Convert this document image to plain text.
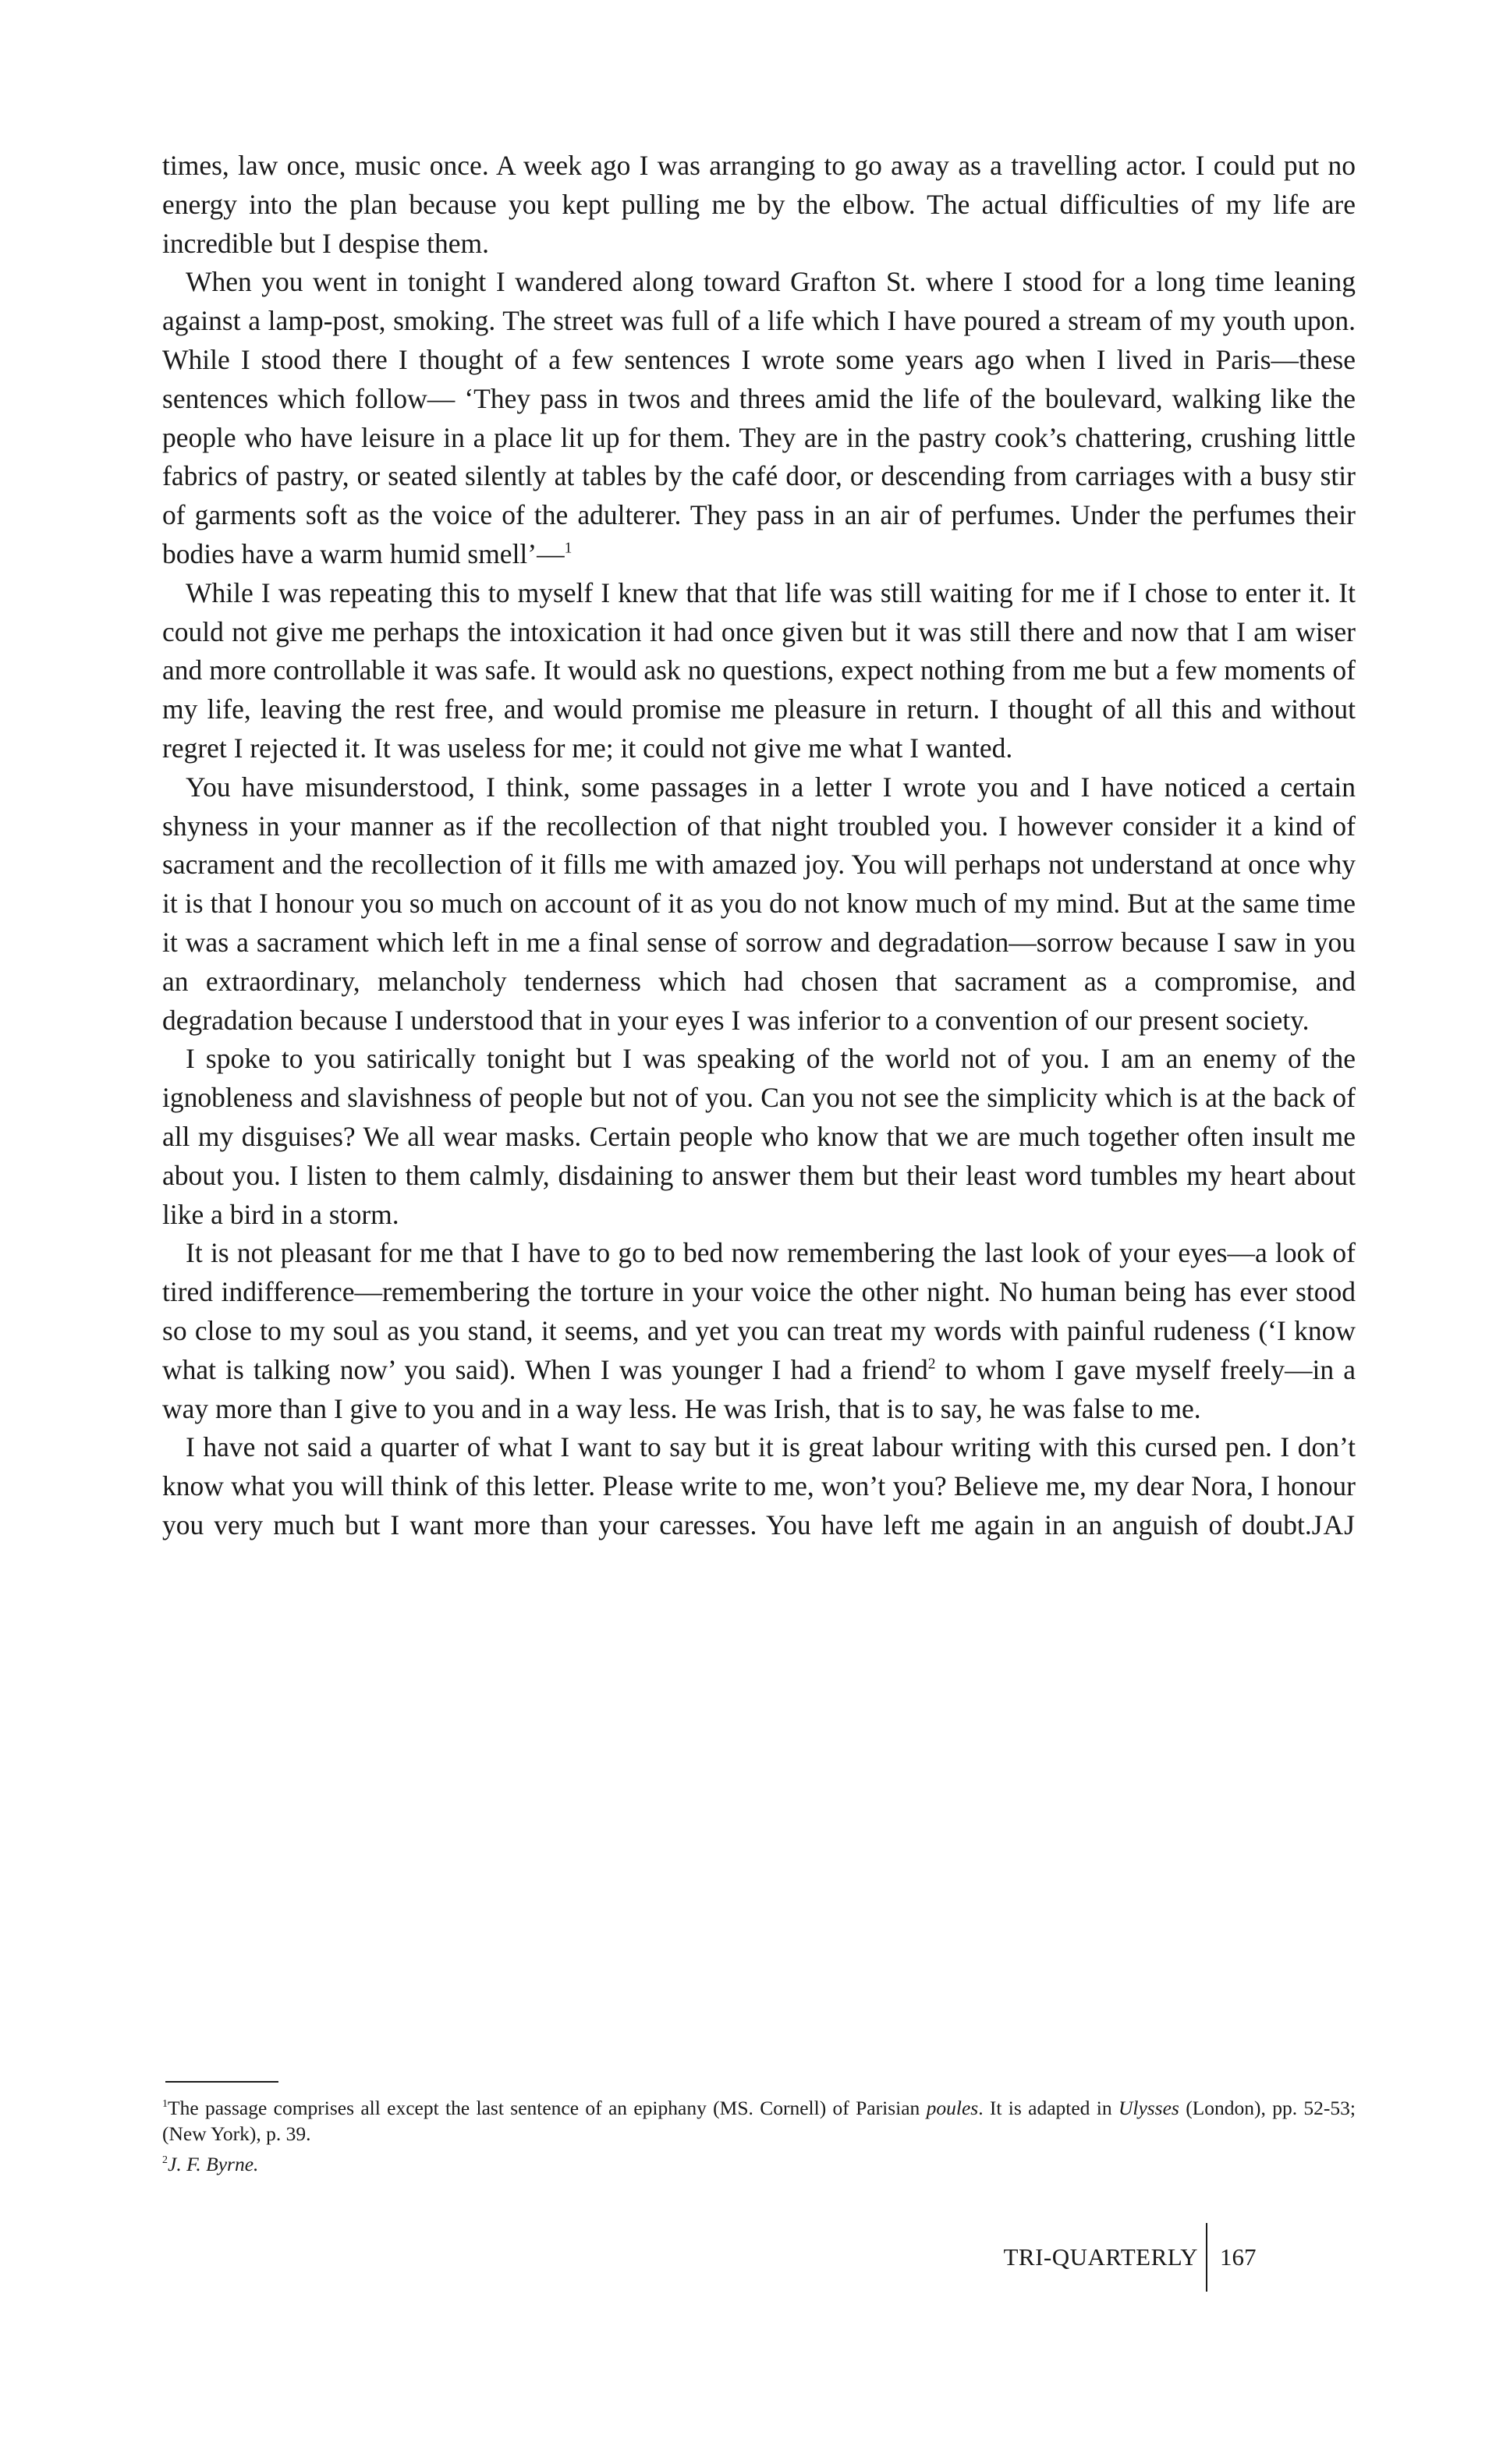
times, law once, music once. A week ago I was arranging to go away as a travelling actor. I could put no energy into the plan because you kept pulling me by the elbow. The actual difficulties of my life are incredible but I despise them.

When you went in tonight I wandered along toward Grafton St. where I stood for a long time leaning against a lamp-post, smoking. The street was full of a life which I have poured a stream of my youth upon. While I stood there I thought of a few sentences I wrote some years ago when I lived in Paris—these sentences which follow— ‘They pass in twos and threes amid the life of the boulevard, walking like the people who have leisure in a place lit up for them. They are in the pastry cook’s chattering, crushing little fabrics of pastry, or seated silently at tables by the café door, or descending from carriages with a busy stir of garments soft as the voice of the adulterer. They pass in an air of perfumes. Under the perfumes their bodies have a warm humid smell’—$^1$

While I was repeating this to myself I knew that that life was still waiting for me if I chose to enter it. It could not give me perhaps the intoxication it had once given but it was still there and now that I am wiser and more controllable it was safe. It would ask no questions, expect nothing from me but a few moments of my life, leaving the rest free, and would promise me pleasure in return. I thought of all this and without regret I rejected it. It was useless for me; it could not give me what I wanted.

You have misunderstood, I think, some passages in a letter I wrote you and I have noticed a certain shyness in your manner as if the recollection of that night troubled you. I however consider it a kind of sacrament and the recollection of it fills me with amazed joy. You will perhaps not understand at once why it is that I honour you so much on account of it as you do not know much of my mind. But at the same time it was a sacrament which left in me a final sense of sorrow and degradation—sorrow because I saw in you an extraordinary, melancholy tenderness which had chosen that sacrament as a compromise, and degradation because I understood that in your eyes I was inferior to a convention of our present society.

I spoke to you satirically tonight but I was speaking of the world not of you. I am an enemy of the ignobleness and slavishness of people but not of you. Can you not see the simplicity which is at the back of all my disguises? We all wear masks. Certain people who know that we are much together often insult me about you. I listen to them calmly, disdaining to answer them but their least word tumbles my heart about like a bird in a storm.

It is not pleasant for me that I have to go to bed now remembering the last look of your eyes—a look of tired indifference—remembering the torture in your voice the other night. No human being has ever stood so close to my soul as you stand, it seems, and yet you can treat my words with painful rudeness (‘I know what is talking now’ you said). When I was younger I had a friend$^2$ to whom I gave myself freely—in a way more than I give to you and in a way less. He was Irish, that is to say, he was false to me.

I have not said a quarter of what I want to say but it is great labour writing with this cursed pen. I don’t know what you will think of this letter. Please write to me, won’t you? Believe me, my dear Nora, I honour you very much but I want more than your caresses. You have left me again in an anguish of doubt. JAJ

$^1$The passage comprises all except the last sentence of an epiphany (MS. Cornell) of Parisian poules. It is adapted in Ulysses (London), pp. 52-53; (New York), p. 39.

$^2$J. F. Byrne.

TRI-QUARTERLY 167
